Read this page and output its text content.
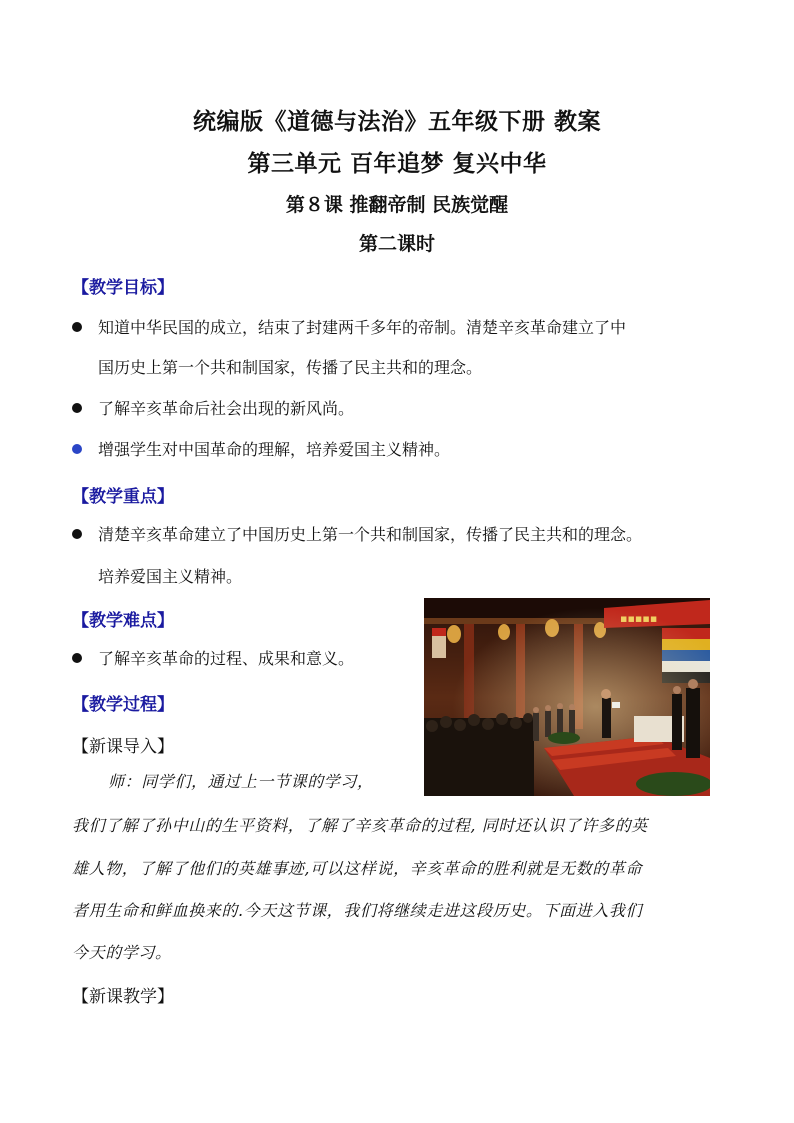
统编版《道德与法治》五年级下册 教案
第三单元 百年追梦 复兴中华
第８课 推翻帝制 民族觉醒
第二课时
【教学目标】
知道中华民国的成立，结束了封建两千多年的帝制。清楚辛亥革命建立了中
国历史上第一个共和制国家，传播了民主共和的理念。
了解辛亥革命后社会出现的新风尚。
增强学生对中国革命的理解，培养爱国主义精神。
【教学重点】
清楚辛亥革命建立了中国历史上第一个共和制国家，传播了民主共和的理念。
培养爱国主义精神。
【教学难点】
了解辛亥革命的过程、成果和意义。
【教学过程】
【新课导入】
师：同学们，通过上一节课的学习，
我们了解了孙中山的生平资料，了解了辛亥革命的过程, 同时还认识了许多的英
雄人物，了解了他们的英雄事迹,可以这样说，辛亥革命的胜利就是无数的革命
者用生命和鲜血换来的.今天这节课，我们将继续走进这段历史。下面进入我们
今天的学习。
【新课教学】
